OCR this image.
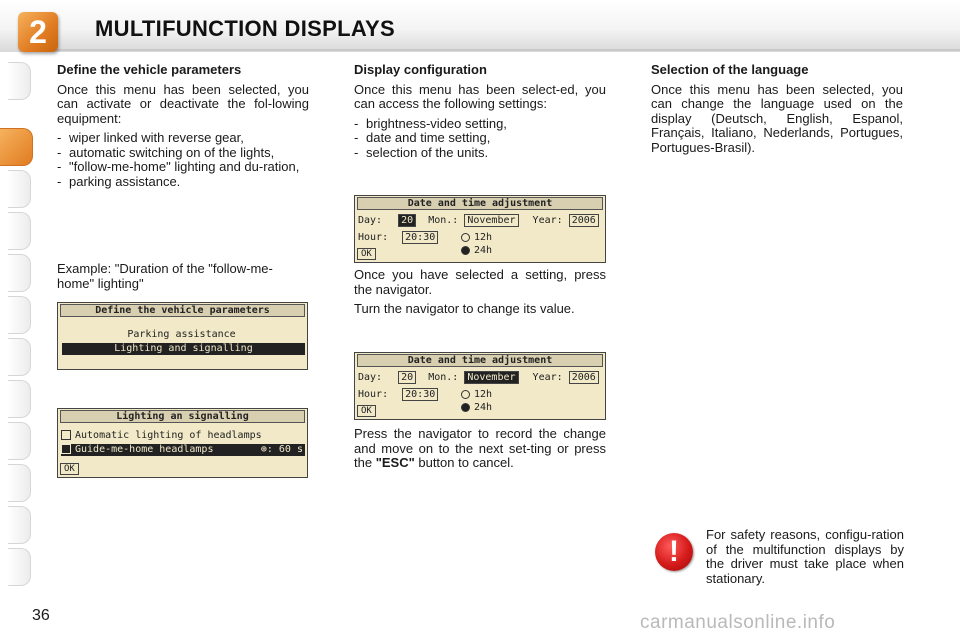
2	MULTIFUNCTION DISPLAYS
Define the vehicle parameters
Once this menu has been selected, you can activate or deactivate the fol-lowing equipment:
- wiper linked with reverse gear,
- automatic switching on of the lights,
- "follow-me-home" lighting and du-ration,
- parking assistance.
Example: "Duration of the "follow-me-home" lighting"
Define the vehicle parameters
Parking assistance
Lighting and signalling
Lighting an signalling
Automatic lighting of headlamps
Guide-me-home headlamps	⊕: 60 s
OK
Display configuration
Once this menu has been select-ed, you can access the following settings:
- brightness-video setting,
- date and time setting,
- selection of the units.
Date and time adjustment
Day: 20 Mon.: November Year: 2006
Hour: 20:30	12h
24h
OK
Once you have selected a setting, press the navigator.
Turn the navigator to change its value.
Date and time adjustment
Day: 20 Mon.: November Year: 2006
Hour: 20:30	12h
24h
OK
Press the navigator to record the change and move on to the next set-ting or press the "ESC" button to cancel.
Selection of the language
Once this menu has been selected, you can change the language used on the display (Deutsch, English, Espanol, Français, Italiano, Nederlands, Portugues, Portugues-Brasil).
!
For safety reasons, configu-ration of the multifunction displays by the driver must take place when stationary.
36	carmanualsonline.info
